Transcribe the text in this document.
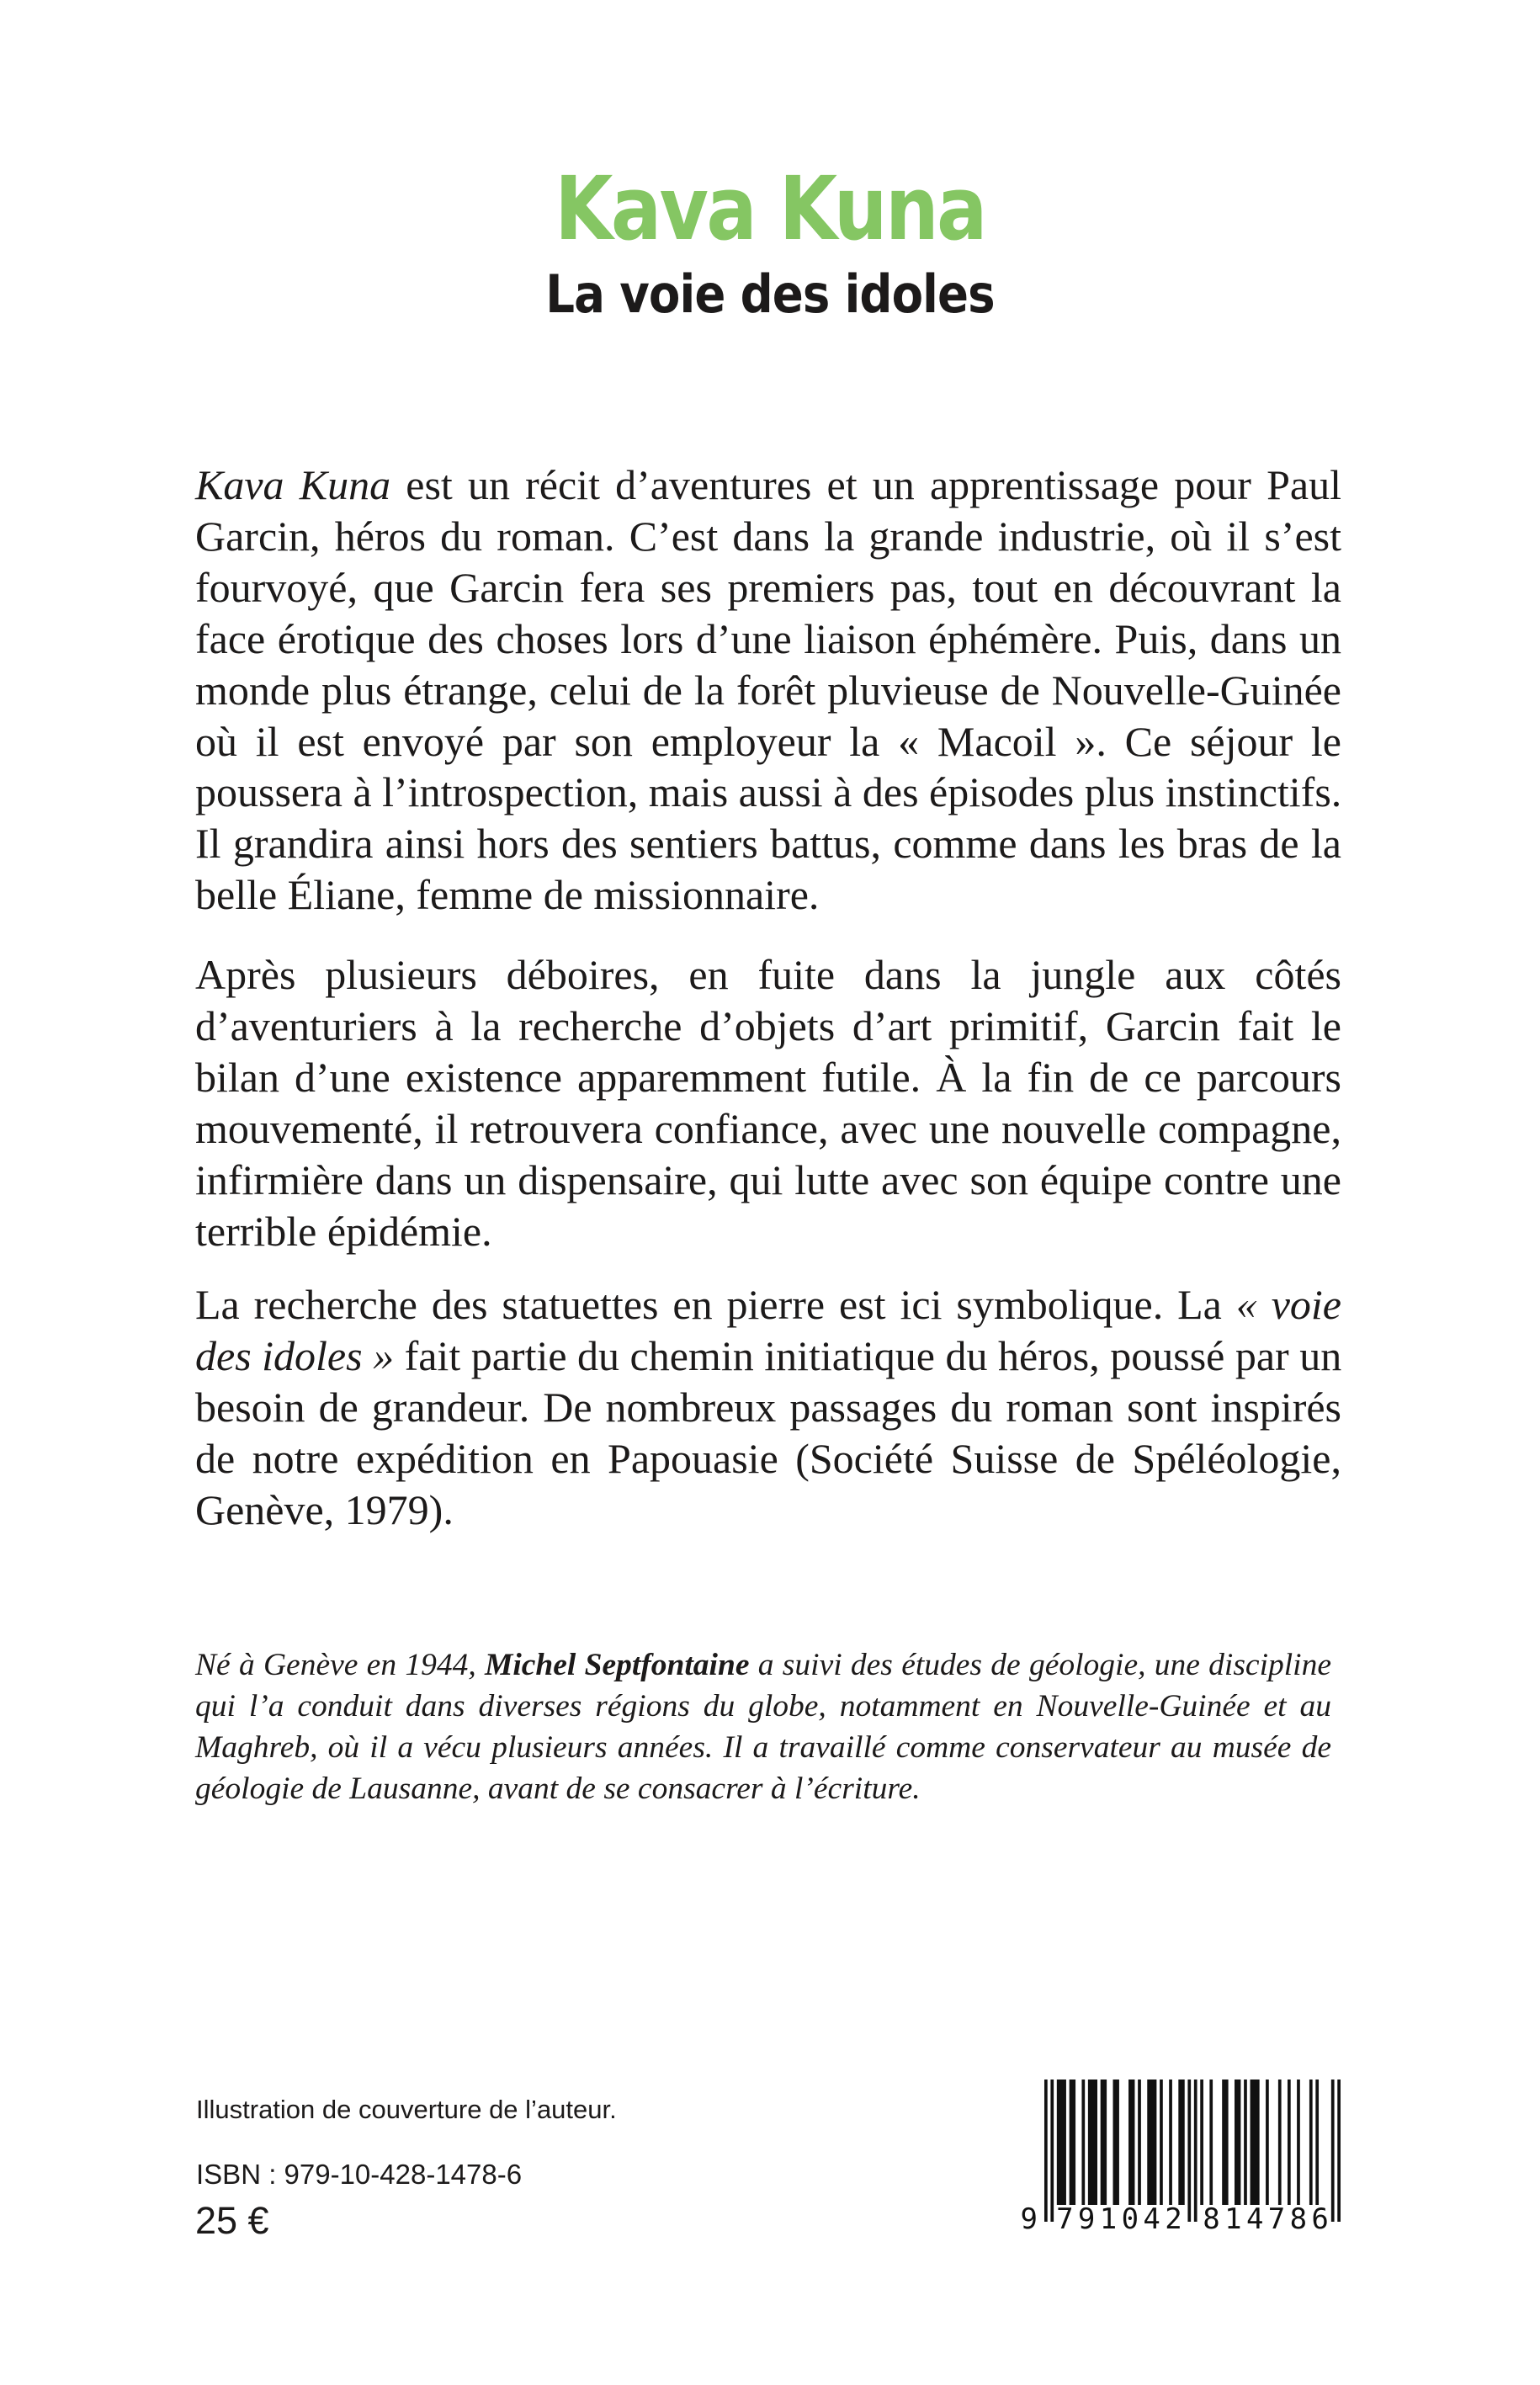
Kava Kuna
La voie des idoles
Kava Kuna est un récit d’aventures et un apprentissage pour Paul
Garcin, héros du roman. C’est dans la grande industrie, où il s’est
fourvoyé, que Garcin fera ses premiers pas, tout en découvrant la
face érotique des choses lors d’une liaison éphémère. Puis, dans un
monde plus étrange, celui de la forêt pluvieuse de Nouvelle-Guinée
où il est envoyé par son employeur la « Macoil ». Ce séjour le
poussera à l’introspection, mais aussi à des épisodes plus instinctifs.
Il grandira ainsi hors des sentiers battus, comme dans les bras de la
belle Éliane, femme de missionnaire.
Après plusieurs déboires, en fuite dans la jungle aux côtés
d’aventuriers à la recherche d’objets d’art primitif, Garcin fait le
bilan d’une existence apparemment futile. À la fin de ce parcours
mouvementé, il retrouvera confiance, avec une nouvelle compagne,
infirmière dans un dispensaire, qui lutte avec son équipe contre une
terrible épidémie.
La recherche des statuettes en pierre est ici symbolique. La « voie
des idoles » fait partie du chemin initiatique du héros, poussé par un
besoin de grandeur. De nombreux passages du roman sont inspirés
de notre expédition en Papouasie (Société Suisse de Spéléologie,
Genève, 1979).
Né à Genève en 1944, Michel Septfontaine a suivi des études de géologie, une discipline
qui l’a conduit dans diverses régions du globe, notamment en Nouvelle-Guinée et au
Maghreb, où il a vécu plusieurs années. Il a travaillé comme conservateur au musée de
géologie de Lausanne, avant de se consacrer à l’écriture.
Illustration de couverture de l’auteur.
ISBN : 979-10-428-1478-6
25 €	9 791042 814786
